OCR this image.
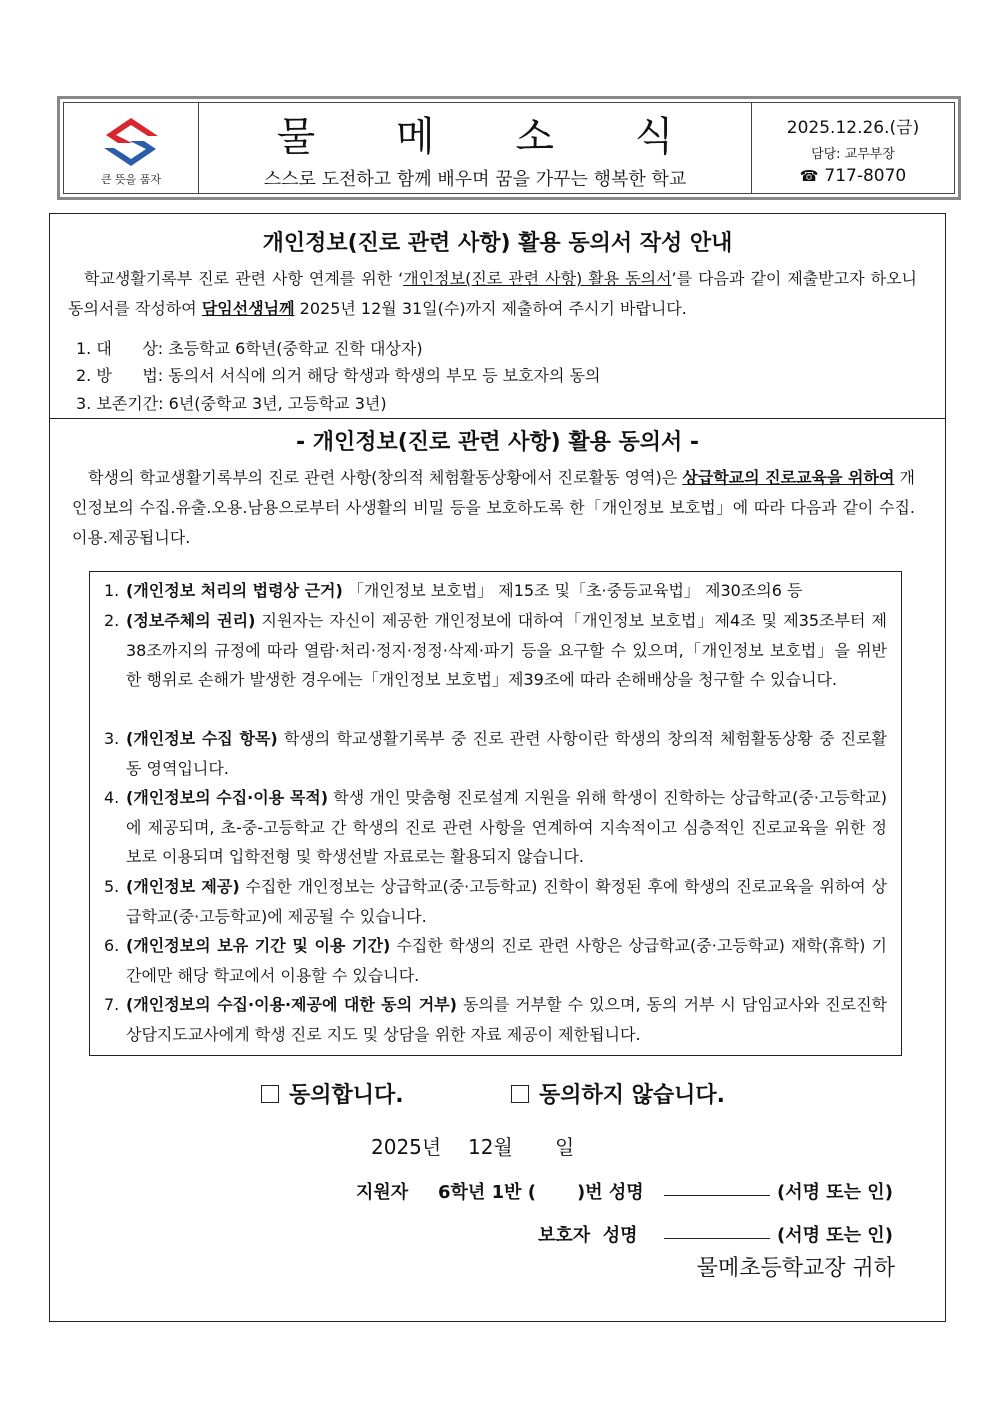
큰 뜻을 품자
물 메 소 식
스스로 도전하고 함께 배우며 꿈을 가꾸는 행복한 학교
2025.12.26.(금)
담당: 교무부장
☎ 717-8070
개인정보(진로 관련 사항) 활용 동의서 작성 안내
학교생활기록부 진로 관련 사항 연계를 위한 ‘개인정보(진로 관련 사항) 활용 동의서’를 다음과 같이 제출받고자 하오니 동의서를 작성하여 담임선생님께 2025년 12월 31일(수)까지 제출하여 주시기 바랍니다.
1. 대      상: 초등학교 6학년(중학교 진학 대상자)
2. 방      법: 동의서 서식에 의거 해당 학생과 학생의 부모 등 보호자의 동의
3. 보존기간: 6년(중학교 3년, 고등학교 3년)
- 개인정보(진로 관련 사항) 활용 동의서 -
학생의 학교생활기록부의 진로 관련 사항(창의적 체험활동상황에서 진로활동 영역)은 상급학교의 진로교육을 위하여 개인정보의 수집.유출.오용.남용으로부터 사생활의 비밀 등을 보호하도록 한「개인정보 보호법」에 따라 다음과 같이 수집.이용.제공됩니다.
1. (개인정보 처리의 법령상 근거) 「개인정보 보호법」 제15조 및「초·중등교육법」 제30조의6 등
2. (정보주체의 권리) 지원자는 자신이 제공한 개인정보에 대하여「개인정보 보호법」제4조 및 제35조부터 제38조까지의 규정에 따라 열람·처리·정지·정정·삭제·파기 등을 요구할 수 있으며,「개인정보 보호법」을 위반한 행위로 손해가 발생한 경우에는「개인정보 보호법」제39조에 따라 손해배상을 청구할 수 있습니다.
3. (개인정보 수집 항목) 학생의 학교생활기록부 중 진로 관련 사항이란 학생의 창의적 체험활동상황 중 진로활동 영역입니다.
4. (개인정보의 수집·이용 목적) 학생 개인 맞춤형 진로설계 지원을 위해 학생이 진학하는 상급학교(중·고등학교)에 제공되며, 초-중-고등학교 간 학생의 진로 관련 사항을 연계하여 지속적이고 심층적인 진로교육을 위한 정보로 이용되며 입학전형 및 학생선발 자료로는 활용되지 않습니다.
5. (개인정보 제공) 수집한 개인정보는 상급학교(중·고등학교) 진학이 확정된 후에 학생의 진로교육을 위하여 상급학교(중·고등학교)에 제공될 수 있습니다.
6. (개인정보의 보유 기간 및 이용 기간) 수집한 학생의 진로 관련 사항은 상급학교(중·고등학교) 재학(휴학) 기간에만 해당 학교에서 이용할 수 있습니다.
7. (개인정보의 수집·이용·제공에 대한 동의 거부) 동의를 거부할 수 있으며, 동의 거부 시 담임교사와 진로진학상담지도교사에게 학생 진로 지도 및 상담을 위한 자료 제공이 제한됩니다.
동의합니다.	동의하지 않습니다.
2025년 12월 일
지원자 6학년 1반 ( )번 성명	(서명 또는 인)
보호자  성명	(서명 또는 인)
물메초등학교장 귀하
